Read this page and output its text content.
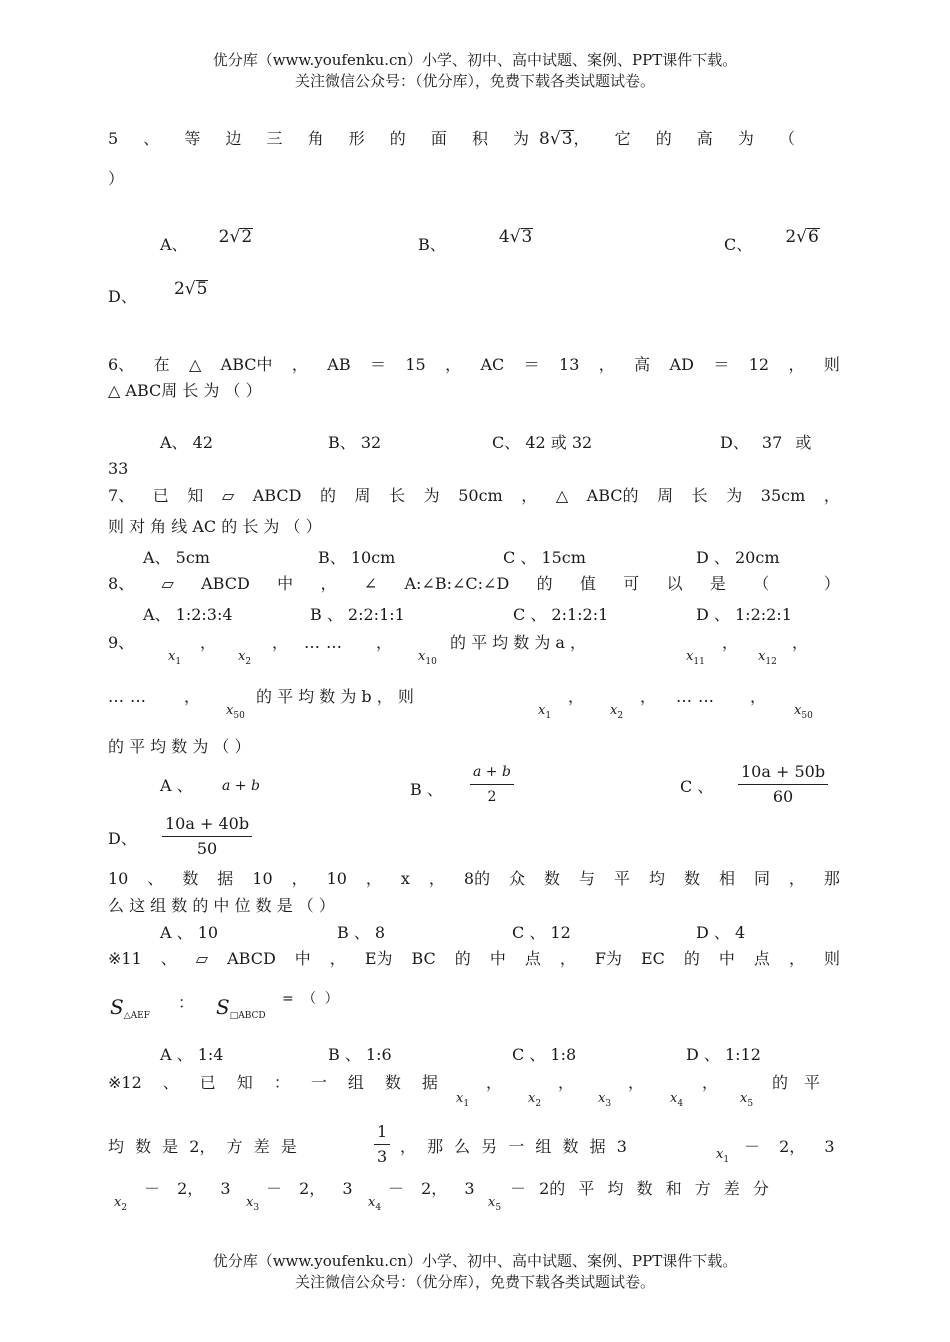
优分库（www.youfenku.cn）小学、初中、高中试题、案例、PPT课件下载。
关注微信公众号：（优分库），免费下载各类试题试卷。
5 、 等 边 三 角 形 的 面 积 为 8√3 ， 它 的 高 为 （
）
A、 2√2	B、	4√3	C、 2√6
D、 2√5
6、 在 △ ABC中 ， AB ＝ 15 ， AC ＝ 13 ， 高 AD ＝ 12 ， 则
△ ABC周 长 为 （ ）
A、 42	B、 32	C、 42 或 32	D、 37 或
33
7、 已 知 ▱ ABCD 的 周 长 为 50cm ， △ ABC的 周 长 为 35cm ，
则 对 角 线 AC 的 长 为 （ ）
A、 5cm	B、 10cm	C 、 15cm	D 、 20cm
8、 ▱ ABCD 中 ， ∠ A:∠B:∠C:∠D 的 值 可 以 是 （	）
A、 1:2:3:4	B 、 2:2:1:1	C 、 2:1:2:1	D 、 1:2:2:1
9、
$x_1$
，
$x_2$
， …… ，
$x_{10}$
的 平 均 数 为 a ，
$x_{11}$
，
$x_{12}$
，
…… ，
$x_{50}$
的 平 均 数 为 b ， 则
$x_1$
，
$x_2$
， …… ，
$x_{50}$
的 平 均 数 为 （ ）
A 、 a + b	B 、 $\frac{a + b}{2}$	C 、 $\frac{10a + 50b}{60}$
D、 $\frac{10a + 40b}{50}$
10 、 数 据 10 ， 10 ， x ， 8的 众 数 与 平 均 数 相 同 ， 那
么 这 组 数 的 中 位 数 是 （ ）
A 、 10	B 、 8	C 、 12	D 、 4
※11 、 ▱ ABCD 中 ， E为 BC 的 中 点 ， F为 EC 的 中 点 ， 则
$S_{\triangle AEF}$
： $S_{□ABCD}$
= （ ）
A 、 1:4	B 、 1:6	C 、 1:8	D 、 1:12
※12 、 已 知 ： 一 组 数 据
$x_1$
，
$x_2$
，
$x_3$
，
$x_4$
，
$x_5$
的 平
均 数 是 2， 方 差 是	$\frac{1}{3}$ ， 那 么 另 一 组 数 据 3	$x_1$
－ 2， 3
$x_2$
－ 2， 3
$x_3$
－ 2， 3
$x_4$
－ 2， 3
$x_5$
－ 2的 平 均 数 和 方 差 分
优分库（www.youfenku.cn）小学、初中、高中试题、案例、PPT课件下载。
关注微信公众号：（优分库），免费下载各类试题试卷。
